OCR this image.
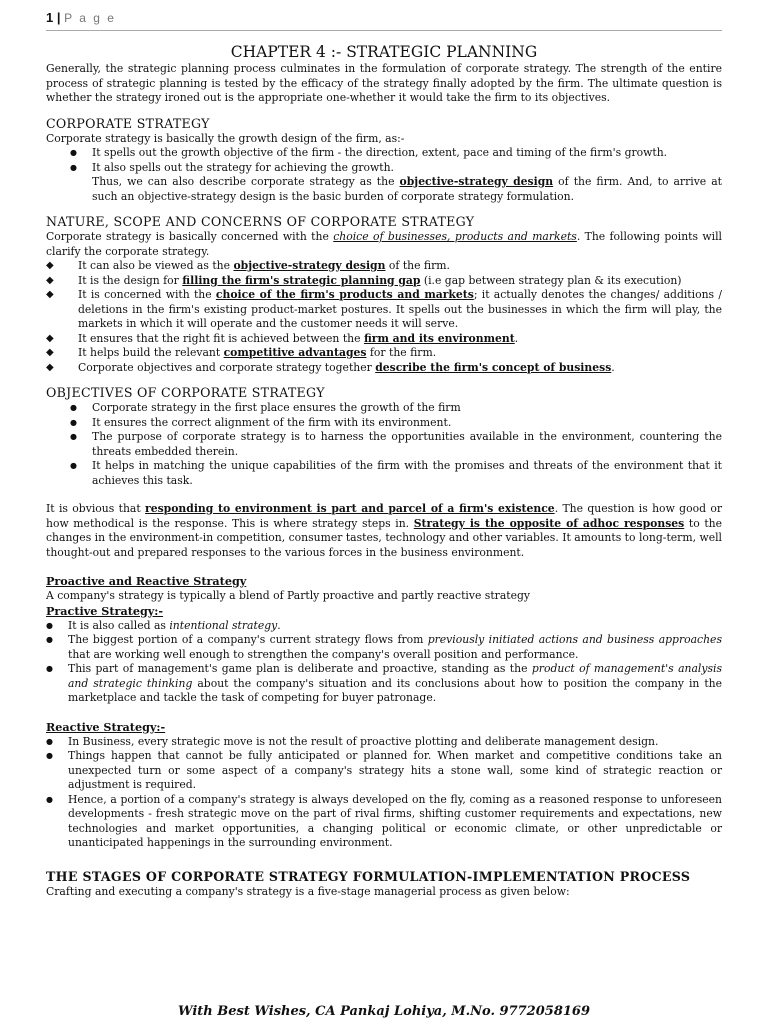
1 | P a g e
CHAPTER 4 :- STRATEGIC PLANNING

Generally, the strategic planning process culminates in the formulation of corporate strategy. The strength of the entire process of strategic planning is tested by the efficacy of the strategy finally adopted by the firm. The ultimate question is whether the strategy ironed out is the appropriate one-whether it would take the firm to its objectives.

CORPORATE STRATEGY

Corporate strategy is basically the growth design of the firm, as:-

● It spells out the growth objective of the firm - the direction, extent, pace and timing of the firm's growth.
● It also spells out the strategy for achieving the growth.

Thus, we can also describe corporate strategy as the objective-strategy design of the firm. And, to arrive at such an objective-strategy design is the basic burden of corporate strategy formulation.

NATURE, SCOPE AND CONCERNS OF CORPORATE STRATEGY

Corporate strategy is basically concerned with the choice of businesses, products and markets. The following points will clarify the corporate strategy.

◆ It can also be viewed as the objective-strategy design of the firm.
◆ It is the design for filling the firm's strategic planning gap (i.e gap between strategy plan & its execution)
◆ It is concerned with the choice of the firm's products and markets; it actually denotes the changes/ additions / deletions in the firm's existing product-market postures. It spells out the businesses in which the firm will play, the markets in which it will operate and the customer needs it will serve.
◆ It ensures that the right fit is achieved between the firm and its environment.
◆ It helps build the relevant competitive advantages for the firm.
◆ Corporate objectives and corporate strategy together describe the firm's concept of business.
OBJECTIVES OF CORPORATE STRATEGY
● Corporate strategy in the first place ensures the growth of the firm
● It ensures the correct alignment of the firm with its environment.
● The purpose of corporate strategy is to harness the opportunities available in the environment, countering the threats embedded therein.
● It helps in matching the unique capabilities of the firm with the promises and threats of the environment that it achieves this task.

It is obvious that responding to environment is part and parcel of a firm's existence. The question is how good or how methodical is the response. This is where strategy steps in. Strategy is the opposite of adhoc responses to the changes in the environment-in competition, consumer tastes, technology and other variables. It amounts to long-term, well thought-out and prepared responses to the various forces in the business environment.

Proactive and Reactive Strategy

A company's strategy is typically a blend of Partly proactive and partly reactive strategy

Practive Strategy:-
● It is also called as intentional strategy.
● The biggest portion of a company's current strategy flows from previously initiated actions and business approaches that are working well enough to strengthen the company's overall position and performance.
● This part of management's game plan is deliberate and proactive, standing as the product of management's analysis and strategic thinking about the company's situation and its conclusions about how to position the company in the marketplace and tackle the task of competing for buyer patronage.
Reactive Strategy:-
● In Business, every strategic move is not the result of proactive plotting and deliberate management design.
● Things happen that cannot be fully anticipated or planned for. When market and competitive conditions take an unexpected turn or some aspect of a company's strategy hits a stone wall, some kind of strategic reaction or adjustment is required.
● Hence, a portion of a company's strategy is always developed on the fly, coming as a reasoned response to unforeseen developments - fresh strategic move on the part of rival firms, shifting customer requirements and expectations, new technologies and market opportunities, a changing political or economic climate, or other unpredictable or unanticipated happenings in the surrounding environment.
THE STAGES OF CORPORATE STRATEGY FORMULATION-IMPLEMENTATION PROCESS

Crafting and executing a company's strategy is a five-stage managerial process as given below:

With Best Wishes, CA Pankaj Lohiya, M.No. 9772058169
